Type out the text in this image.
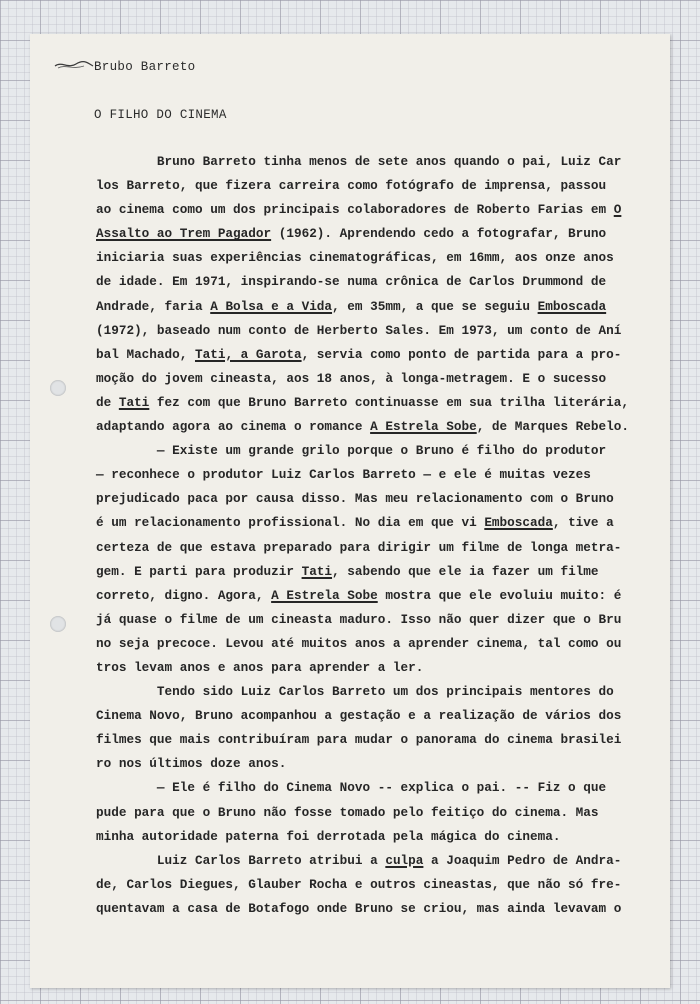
Brubo Barreto

O FILHO DO CINEMA
Bruno Barreto tinha menos de sete anos quando o pai, Luiz Car
los Barreto, que fizera carreira como fotógrafo de imprensa, passou
ao cinema como um dos principais colaboradores de Roberto Farias em O
Assalto ao Trem Pagador (1962). Aprendendo cedo a fotografar, Bruno
iniciaria suas experiências cinematográficas, em 16mm, aos onze anos
de idade. Em 1971, inspirando-se numa crônica de Carlos Drummond de
Andrade, faria A Bolsa e a Vida, em 35mm, a que se seguiu Emboscada
(1972), baseado num conto de Herberto Sales. Em 1973, um conto de Aní
bal Machado, Tati, a Garota, servia como ponto de partida para a pro-
moção do jovem cineasta, aos 18 anos, à longa-metragem. E o sucesso
de Tati fez com que Bruno Barreto continuasse em sua trilha literária,
adaptando agora ao cinema o romance A Estrela Sobe, de Marques Rebelo.
— Existe um grande grilo porque o Bruno é filho do produtor
— reconhece o produtor Luiz Carlos Barreto — e ele é muitas vezes
prejudicado paca por causa disso. Mas meu relacionamento com o Bruno
é um relacionamento profissional. No dia em que vi Emboscada, tive a
certeza de que estava preparado para dirigir um filme de longa metra-
gem. E parti para produzir Tati, sabendo que ele ia fazer um filme
correto, digno. Agora, A Estrela Sobe mostra que ele evoluiu muito: é
já quase o filme de um cineasta maduro. Isso não quer dizer que o Bru
no seja precoce. Levou até muitos anos a aprender cinema, tal como ou
tros levam anos e anos para aprender a ler.
Tendo sido Luiz Carlos Barreto um dos principais mentores do
Cinema Novo, Bruno acompanhou a gestação e a realização de vários dos
filmes que mais contribuíram para mudar o panorama do cinema brasilei
ro nos últimos doze anos.
— Ele é filho do Cinema Novo -- explica o pai. -- Fiz o que
pude para que o Bruno não fosse tomado pelo feitiço do cinema. Mas
minha autoridade paterna foi derrotada pela mágica do cinema.
Luiz Carlos Barreto atribui a culpa a Joaquim Pedro de Andra-
de, Carlos Diegues, Glauber Rocha e outros cineastas, que não só fre-
quentavam a casa de Botafogo onde Bruno se criou, mas ainda levavam o
